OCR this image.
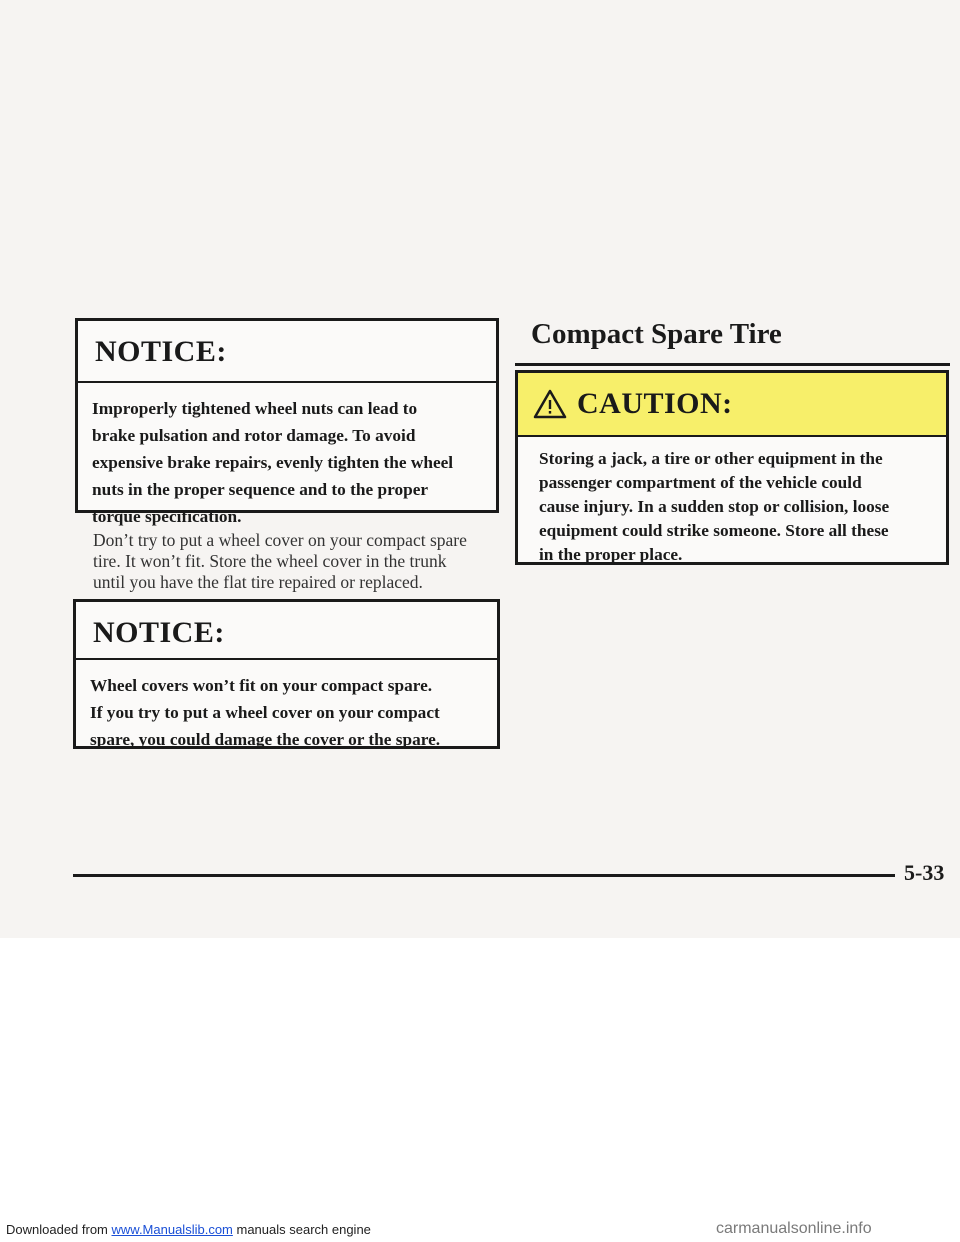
NOTICE:
Improperly tightened wheel nuts can lead to
brake pulsation and rotor damage. To avoid
expensive brake repairs, evenly tighten the wheel
nuts in the proper sequence and to the proper
torque specification.
Don’t try to put a wheel cover on your compact spare
tire. It won’t fit. Store the wheel cover in the trunk
until you have the flat tire repaired or replaced.
NOTICE:
Wheel covers won’t fit on your compact spare.
If you try to put a wheel cover on your compact
spare, you could damage the cover or the spare.
Compact Spare Tire
CAUTION:
Storing a jack, a tire or other equipment in the
passenger compartment of the vehicle could
cause injury. In a sudden stop or collision, loose
equipment could strike someone. Store all these
in the proper place.
5-33
Downloaded from www.Manualslib.com manuals search engine	carmanualsonline.info
